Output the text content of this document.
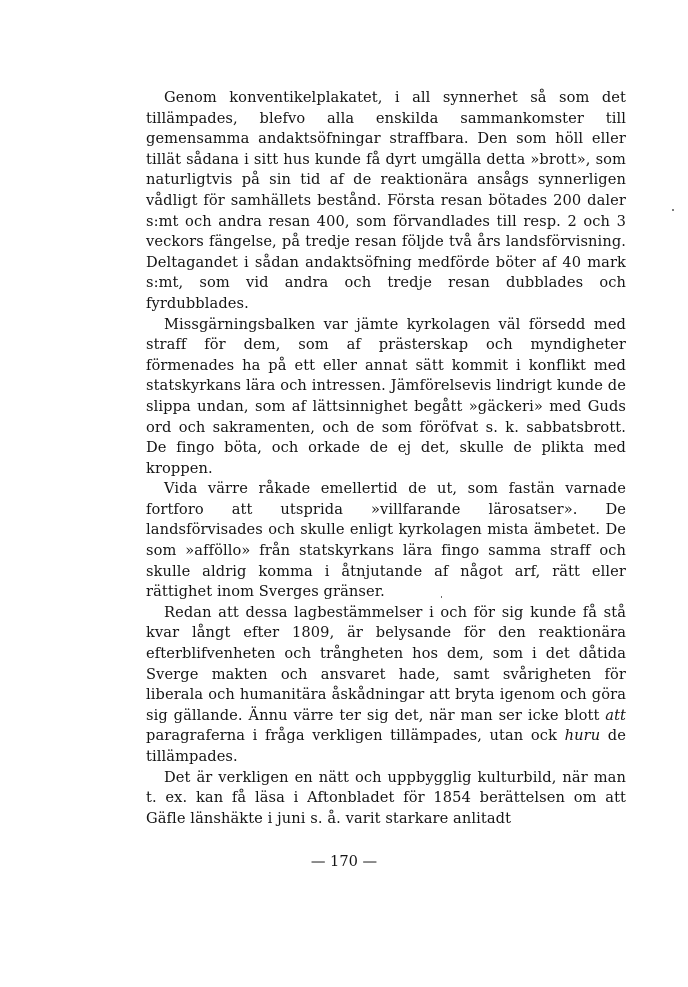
Genom konventikelplakatet, i all synnerhet så som det tillämpades, blefvo alla enskilda sammankomster till gemensamma andaktsöfningar straffbara. Den som höll eller tillät sådana i sitt hus kunde få dyrt umgälla detta »brott», som naturligtvis på sin tid af de reaktionära ansågs synnerligen vådligt för samhällets bestånd. Första resan bötades 200 daler s:mt och andra resan 400, som förvandlades till resp. 2 och 3 veckors fängelse, på tredje resan följde två års landsförvisning. Deltagandet i sådan andaktsöfning medförde böter af 40 mark s:mt, som vid andra och tredje resan dubblades och fyrdubblades.

Missgärningsbalken var jämte kyrkolagen väl försedd med straff för dem, som af prästerskap och myndigheter förmenades ha på ett eller annat sätt kommit i konflikt med statskyrkans lära och intressen. Jämförelsevis lindrigt kunde de slippa undan, som af lättsinnighet begått »gäckeri» med Guds ord och sakramenten, och de som föröfvat s. k. sabbatsbrott. De fingo böta, och orkade de ej det, skulle de plikta med kroppen.

Vida värre råkade emellertid de ut, som fastän varnade fortforo att utsprida »villfarande lärosatser». De landsförvisades och skulle enligt kyrkolagen mista ämbetet. De som »afföllo» från statskyrkans lära fingo samma straff och skulle aldrig komma i åtnjutande af något arf, rätt eller rättighet inom Sverges gränser.

Redan att dessa lagbestämmelser i och för sig kunde få stå kvar långt efter 1809, är belysande för den reaktionära efterblifvenheten och trångheten hos dem, som i det dåtida Sverge makten och ansvaret hade, samt svårigheten för liberala och humanitära åskådningar att bryta igenom och göra sig gällande. Ännu värre ter sig det, när man ser icke blott att paragraferna i fråga verkligen tillämpades, utan ock huru de tillämpades.

Det är verkligen en nätt och uppbygglig kulturbild, när man t. ex. kan få läsa i Aftonbladet för 1854 berättelsen om att Gäfle länshäkte i juni s. å. varit starkare anlitadt

— 170 —
